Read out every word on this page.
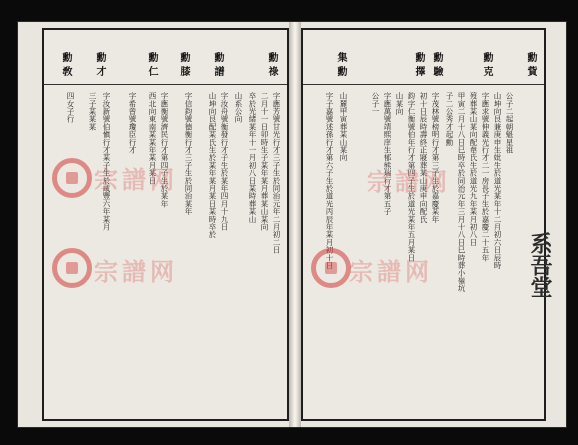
勳祿
勳譜
勳膝
勳仁
勳才
勳敎
字應芳號甘光行才三子生於同治元年二月初二日
二月十一日卯時生子某年某月葬某山某向
卒於光緒某年十一月初八日某時葬某山
山系公向
字汝舟號衡發行才子生於某年四月十九日
山坤向艮配某氏生於某年某月某日某時卒於
字信鈞號德衡行才三子生於同治某年
字應衡號濟民行才第四子生於某年
西北向東南某某年某月某日
字希曾號瓊臣行才
字汝新號伯愼行才某子生於咸豐六年某月
三子某某某
四女子行
宗譜网
宗譜网
勳貲
勳克
勳驗
勳擇
集勳
公子二起朝魁星祖
山坤向艮兼庚申生妣生於道光某年十二月初六日辰時
字應求號伸義光行才二一房長子生於嘉慶二十五年
歿葬某山某向配韋氏生於道光九年某月初八日
甲寅二月十八日巳時卒於同治元年三月十八日巳時葬小嶺坑
子二公秀才起勳
字茂林號榜明行才第三子生於嘉慶某年
初十日辰時壽終正寢葬某山庚申向配氏
鈞字仁衡號伯年行才第四子生於道光某年五月某日
山某向
字應萬號靖熙庠生郁熊瑞行才第五子
公子一
山麓甲寅葬某山某向
字子嘉號述孫行才第六子生於道光丙辰年某月初十日 宗譜网
宗譜网	系吾堂
